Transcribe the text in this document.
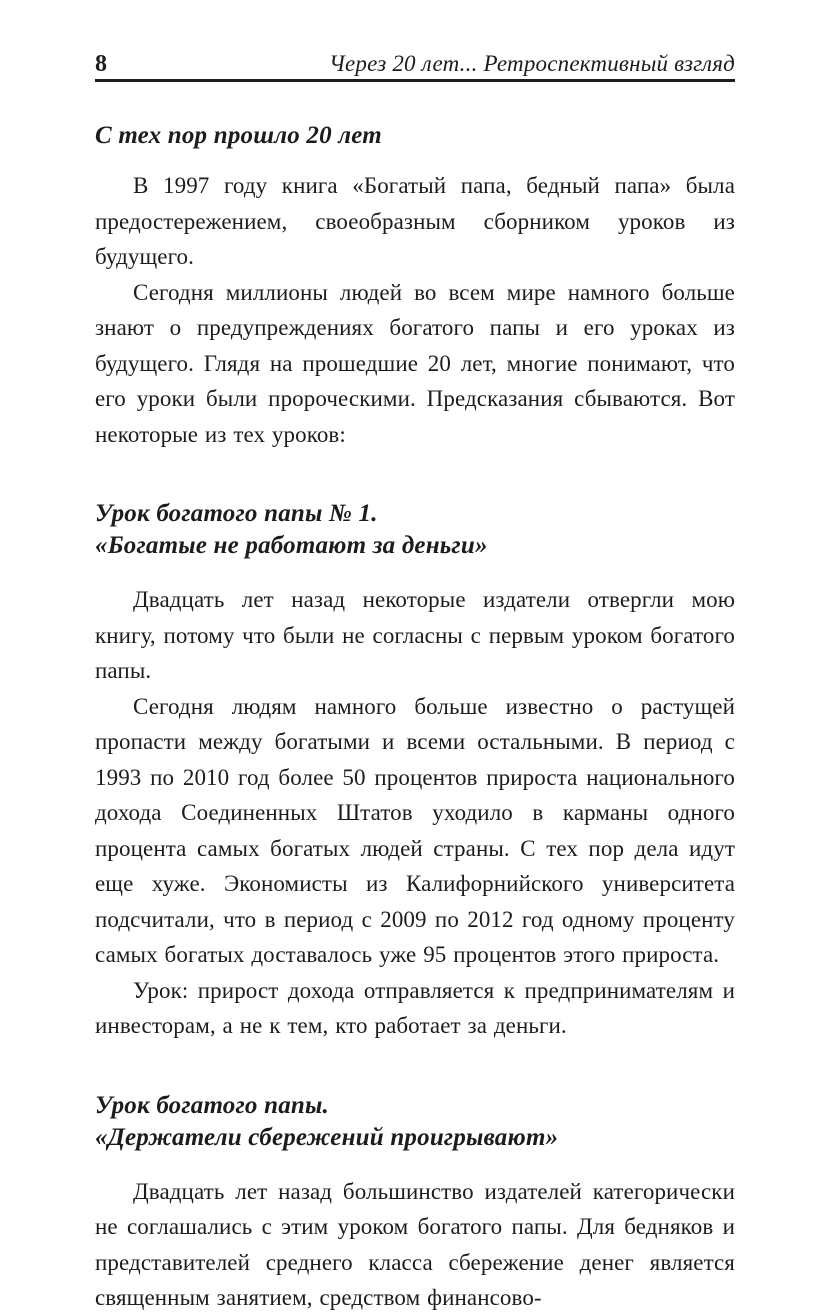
8	Через 20 лет... Ретроспективный взгляд
С тех пор прошло 20 лет

В 1997 году книга «Богатый папа, бедный папа» была предостережением, своеобразным сборником уроков из будущего.

Сегодня миллионы людей во всем мире намного больше знают о предупреждениях богатого папы и его уроках из будущего. Глядя на прошедшие 20 лет, многие понимают, что его уроки были пророческими. Предсказания сбываются. Вот некоторые из тех уроков:

Урок богатого папы № 1.
«Богатые не работают за деньги»

Двадцать лет назад некоторые издатели отвергли мою книгу, потому что были не согласны с первым уроком богатого папы.

Сегодня людям намного больше известно о растущей пропасти между богатыми и всеми остальными. В период с 1993 по 2010 год более 50 процентов прироста национального дохода Соединенных Штатов уходило в карманы одного процента самых богатых людей страны. С тех пор дела идут еще хуже. Экономисты из Калифорнийского университета подсчитали, что в период с 2009 по 2012 год одному проценту самых богатых доставалось уже 95 процентов этого прироста.

Урок: прирост дохода отправляется к предпринимателям и инвесторам, а не к тем, кто работает за деньги.

Урок богатого папы.
«Держатели сбережений проигрывают»

Двадцать лет назад большинство издателей категорически не соглашались с этим уроком богатого папы. Для бедняков и представителей среднего класса сбережение денег является священным занятием, средством финансово-
